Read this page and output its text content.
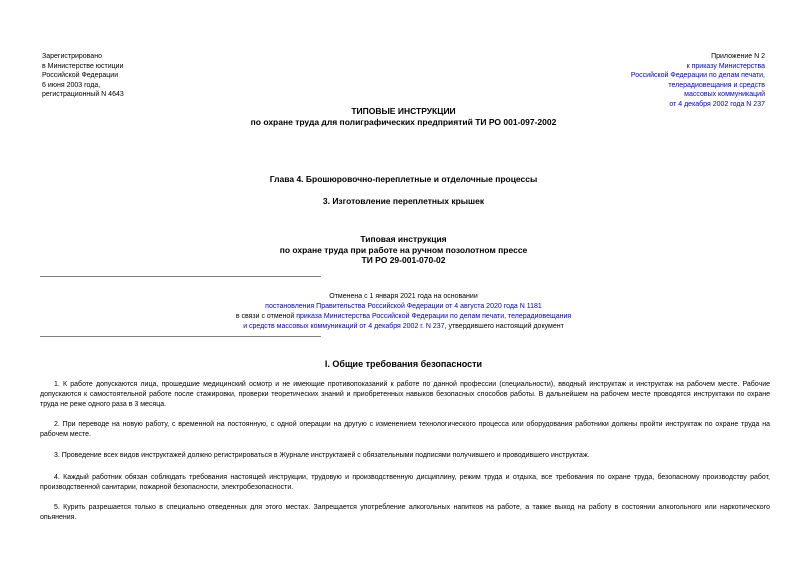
Зарегистрировано
в Министерстве юстиции
Российской Федерации
6 июня 2003 года,
регистрационный N 4643
Приложение N 2
к приказу Министерства
Российской Федерации по делам печати,
телерадиовещания и средств
массовых коммуникаций
от 4 декабря 2002 года N 237
ТИПОВЫЕ ИНСТРУКЦИИ
по охране труда для полиграфических предприятий ТИ РО 001-097-2002
Глава 4. Брошюровочно-переплетные и отделочные процессы
3. Изготовление переплетных крышек
Типовая инструкция
по охране труда при работе на ручном позолотном прессе
ТИ РО 29-001-070-02
Отменена с 1 января 2021 года на основании
постановления Правительства Российской Федерации от 4 августа 2020 года N 1181
в связи с отменой приказа Министерства Российской Федерации по делам печати, телерадиовещания
и средств массовых коммуникаций от 4 декабря 2002 г. N 237, утвердившего настоящий документ
I. Общие требования безопасности
1. К работе допускаются лица, прошедшие медицинский осмотр и не имеющие противопоказаний к работе по данной профессии (специальности), вводный инструктаж и инструктаж на рабочем месте. Рабочие допускаются к самостоятельной работе после стажировки, проверки теоретических знаний и приобретенных навыков безопасных способов работы. В дальнейшем на рабочем месте проводятся инструктажи по охране труда не реже одного раза в 3 месяца.
2. При переводе на новую работу, с временной на постоянную, с одной операции на другую с изменением технологического процесса или оборудования работники должны пройти инструктаж по охране труда на рабочем месте.
3. Проведение всех видов инструктажей должно регистрироваться в Журнале инструктажей с обязательными подписями получившего и проводившего инструктаж.
4. Каждый работник обязан соблюдать требования настоящей инструкции, трудовую и производственную дисциплину, режим труда и отдыха, все требования по охране труда, безопасному производству работ, производственной санитарии, пожарной безопасности, электробезопасности.
5. Курить разрешается только в специально отведенных для этого местах. Запрещается употребление алкогольных напитков на работе, а также выход на работу в состоянии алкогольного или наркотического опьянения.
